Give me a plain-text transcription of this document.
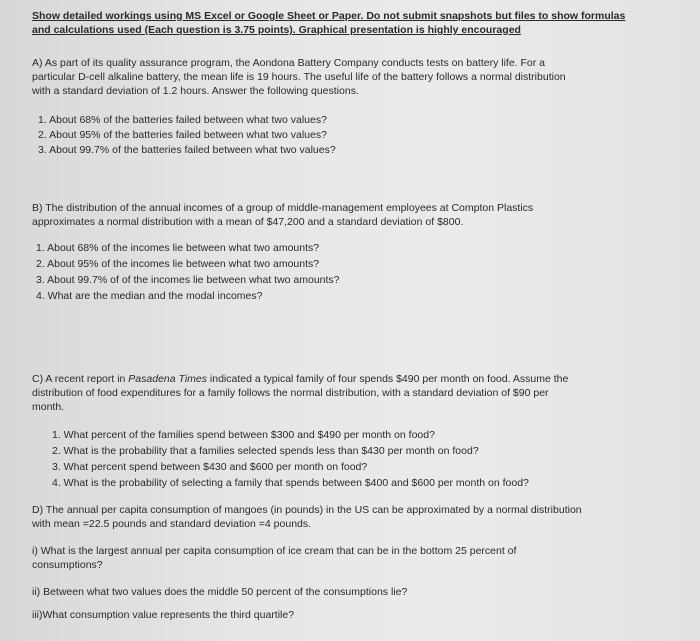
Show detailed workings using MS Excel or Google Sheet or Paper. Do not submit snapshots but files to show formulas
and calculations used (Each question is 3.75 points). Graphical presentation is highly encouraged
A) As part of its quality assurance program, the Aondona Battery Company conducts tests on battery life. For a
particular D-cell alkaline battery, the mean life is 19 hours. The useful life of the battery follows a normal distribution
with a standard deviation of 1.2 hours. Answer the following questions.
1. About 68% of the batteries failed between what two values?
2. About 95% of the batteries failed between what two values?
3. About 99.7% of the batteries failed between what two values?
B) The distribution of the annual incomes of a group of middle-management employees at Compton Plastics
approximates a normal distribution with a mean of $47,200 and a standard deviation of $800.
1. About 68% of the incomes lie between what two amounts?
2. About 95% of the incomes lie between what two amounts?
3. About 99.7% of of the incomes lie between what two amounts?
4. What are the median and the modal incomes?
C) A recent report in Pasadena Times indicated a typical family of four spends $490 per month on food. Assume the
distribution of food expenditures for a family follows the normal distribution, with a standard deviation of $90 per
month.
1. What percent of the families spend between $300 and $490 per month on food?
2. What is the probability that a families selected spends less than $430 per month on food?
3. What percent spend between $430 and $600 per month on food?
4. What is the probability of selecting a family that spends between $400 and $600 per month on food?
D) The annual per capita consumption of mangoes (in pounds) in the US can be approximated by a normal distribution
with mean =22.5 pounds and standard deviation =4 pounds.
i) What is the largest annual per capita consumption of ice cream that can be in the bottom 25 percent of
consumptions?
ii) Between what two values does the middle 50 percent of the consumptions lie?
iii)What consumption value represents the third quartile?
